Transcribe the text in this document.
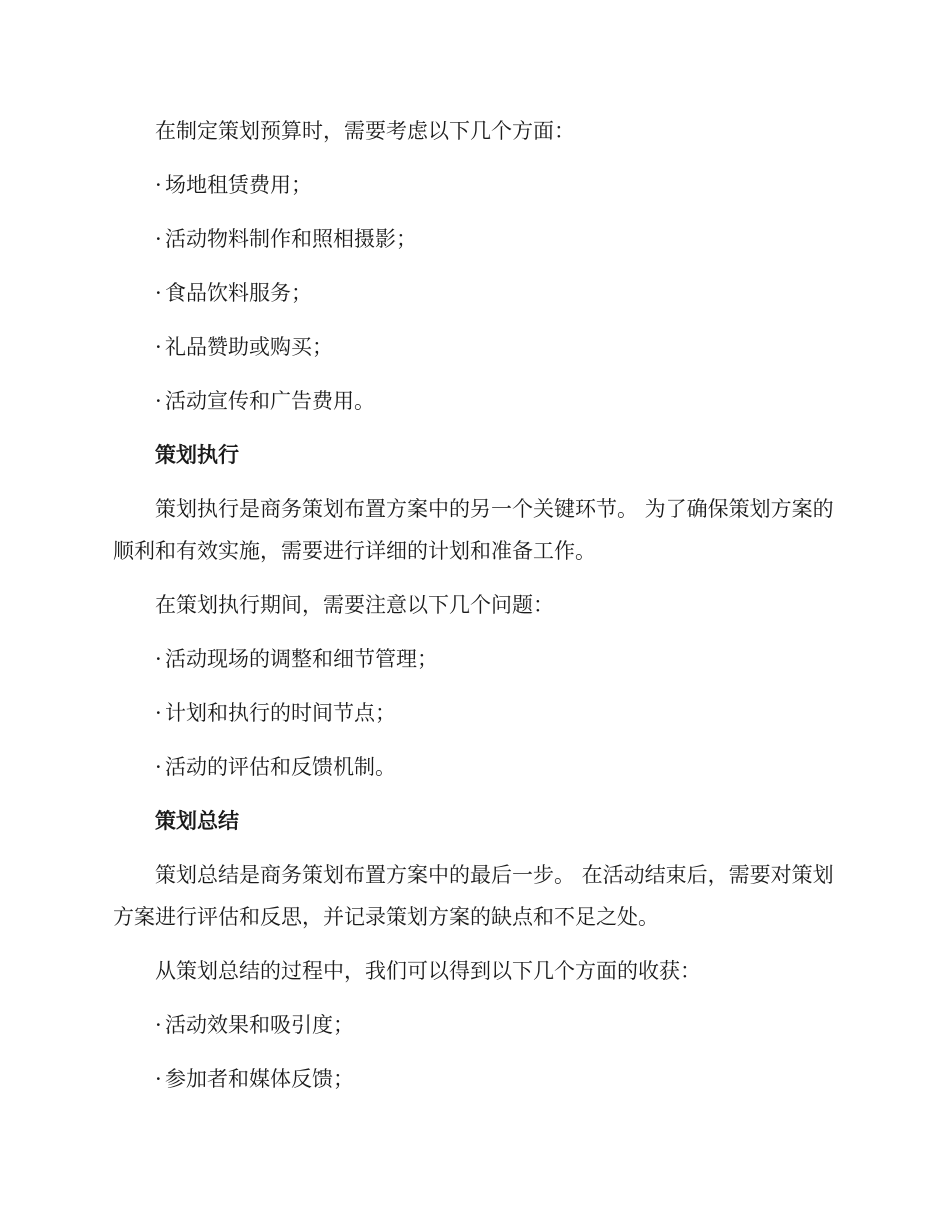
在制定策划预算时，需要考虑以下几个方面：

· 场地租赁费用；

· 活动物料制作和照相摄影；

· 食品饮料服务；

· 礼品赞助或购买；

· 活动宣传和广告费用。

策划执行

策划执行是商务策划布置方案中的另一个关键环节。 为了确保策划方案的顺利和有效实施，需要进行详细的计划和准备工作。

在策划执行期间，需要注意以下几个问题：

· 活动现场的调整和细节管理；

· 计划和执行的时间节点；

· 活动的评估和反馈机制。

策划总结

策划总结是商务策划布置方案中的最后一步。 在活动结束后，需要对策划方案进行评估和反思，并记录策划方案的缺点和不足之处。

从策划总结的过程中，我们可以得到以下几个方面的收获：

· 活动效果和吸引度；

· 参加者和媒体反馈；
